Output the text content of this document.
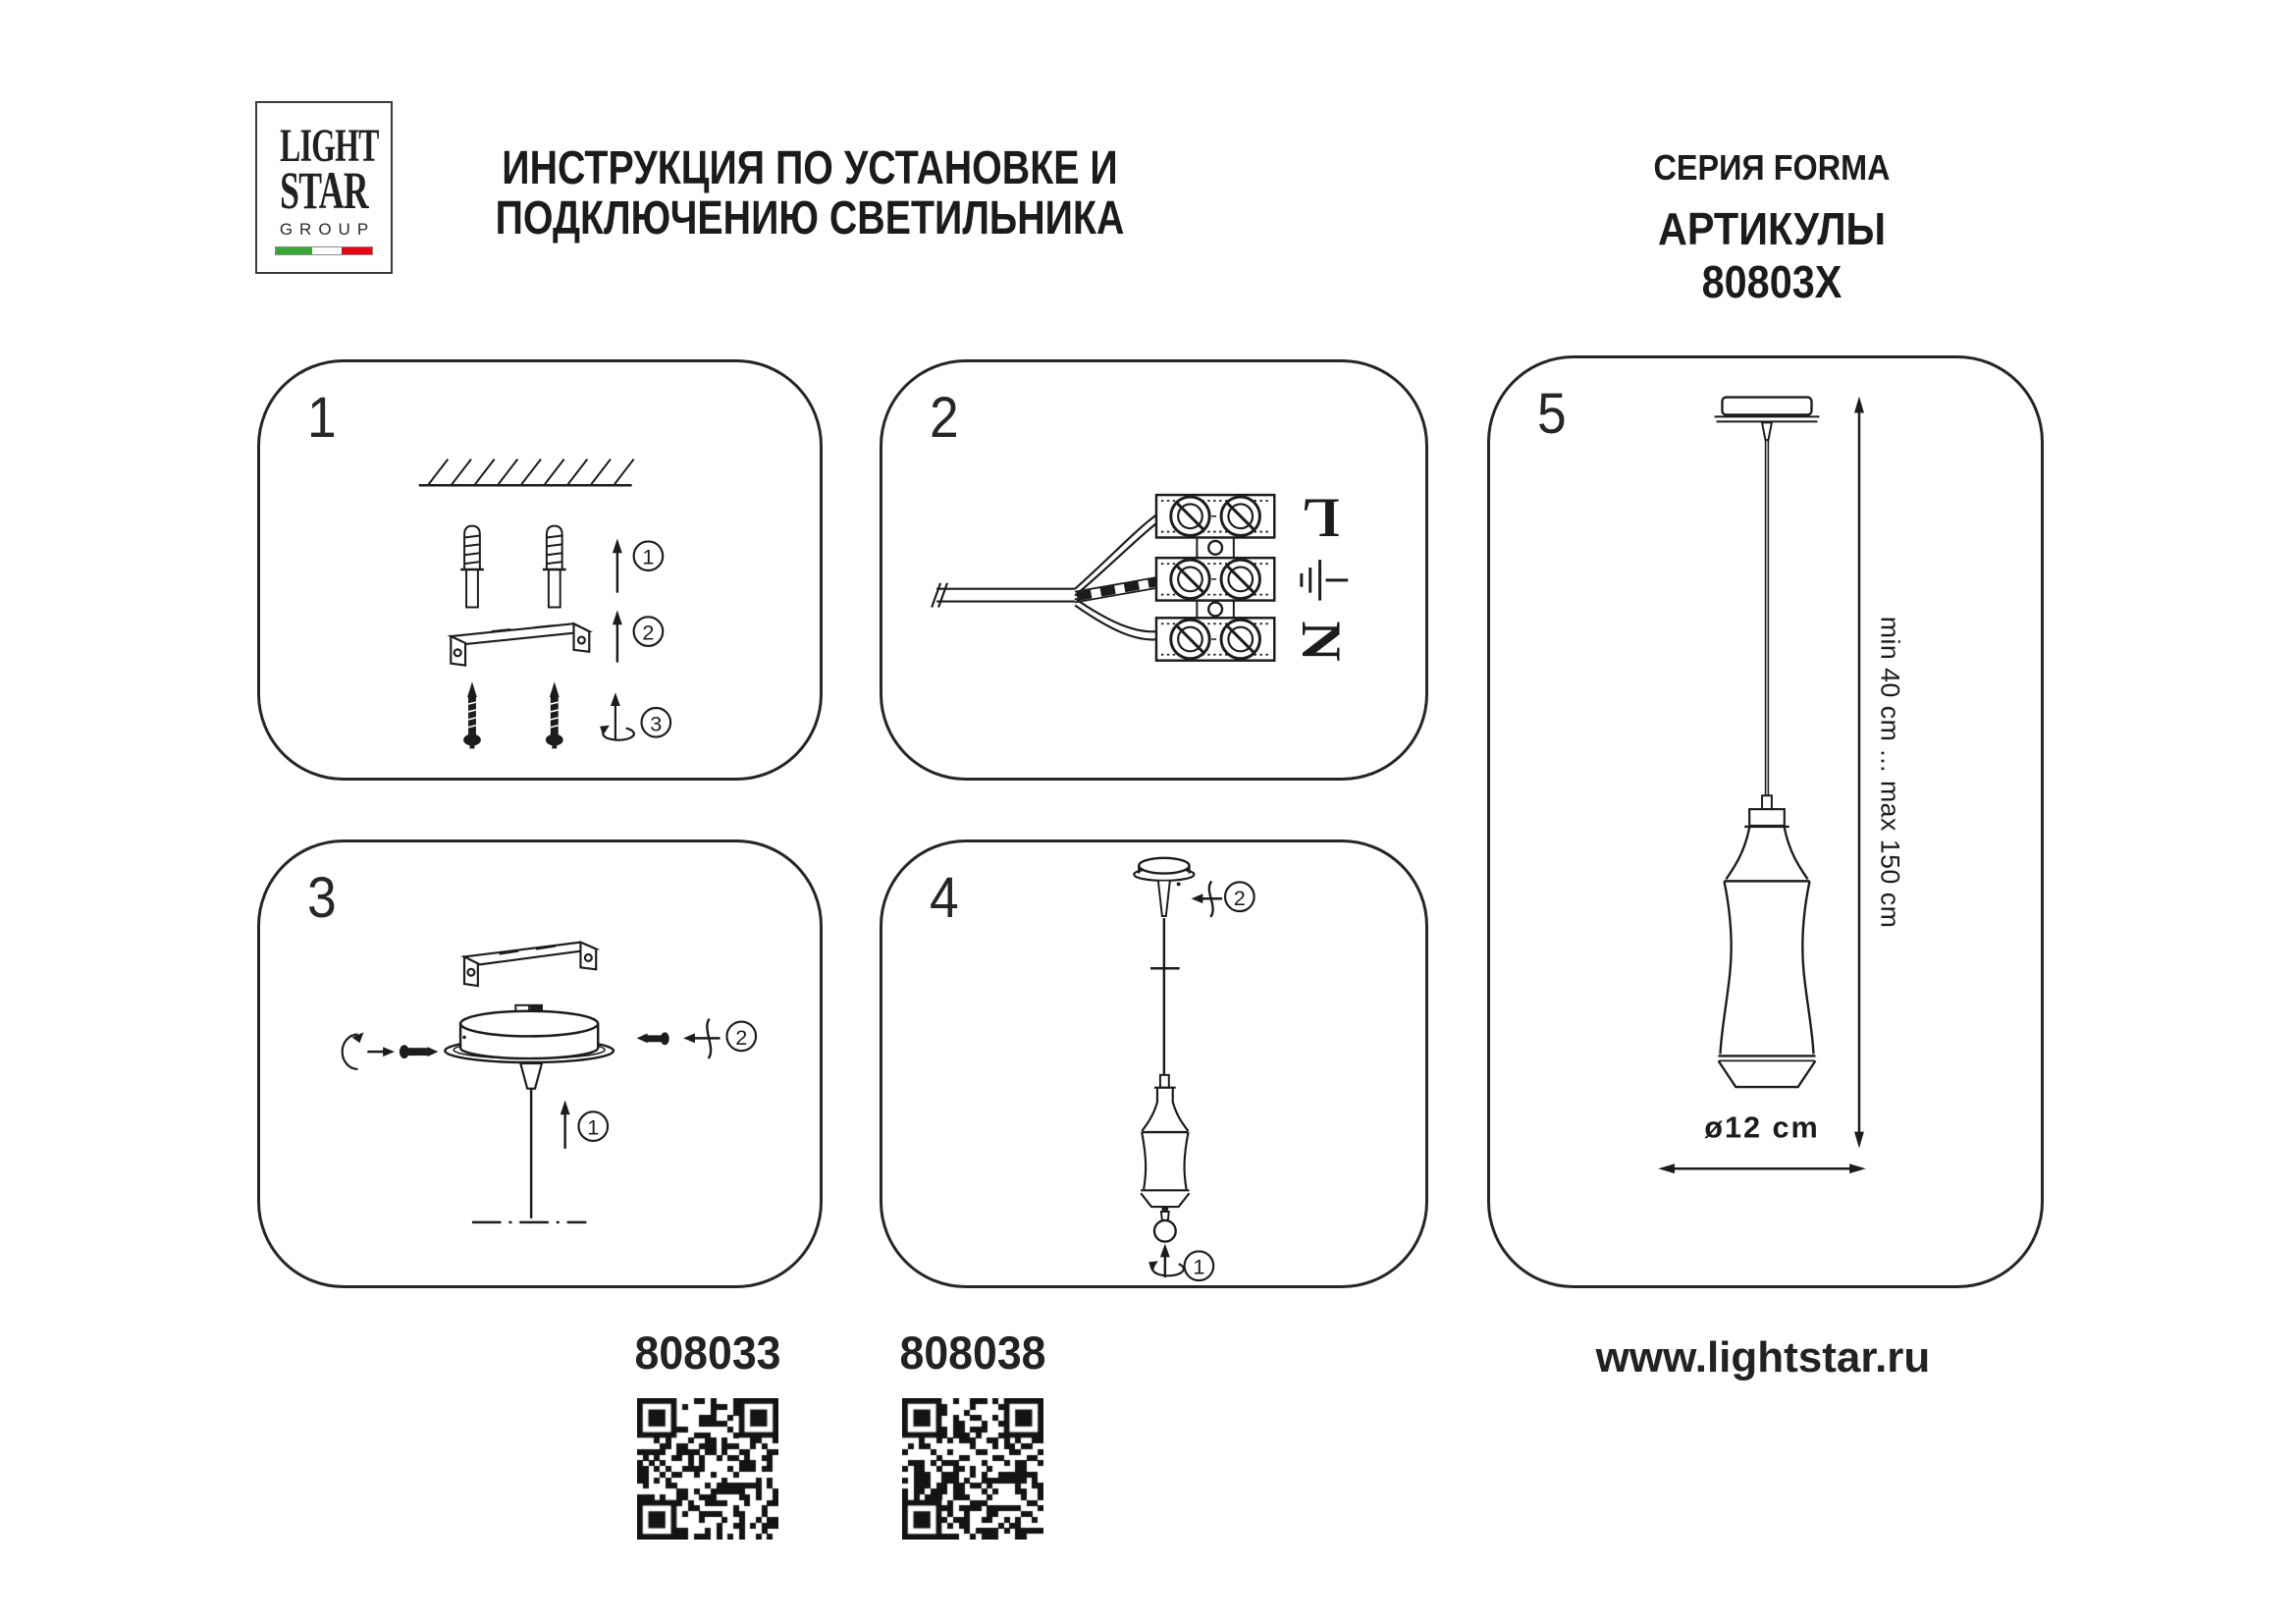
LIGHT
STAR
GROUP
ИНСТРУКЦИЯ ПО УСТАНОВКЕ И
ПОДКЛЮЧЕНИЮ СВЕТИЛЬНИКА
СЕРИЯ FORMA
АРТИКУЛЫ 80803X
1
1
2
3
2
L
N
3
2
1
4	2
1
5
min 40 cm ... max 150 cm
ø12 cm
808033	808038	www.lightstar.ru
